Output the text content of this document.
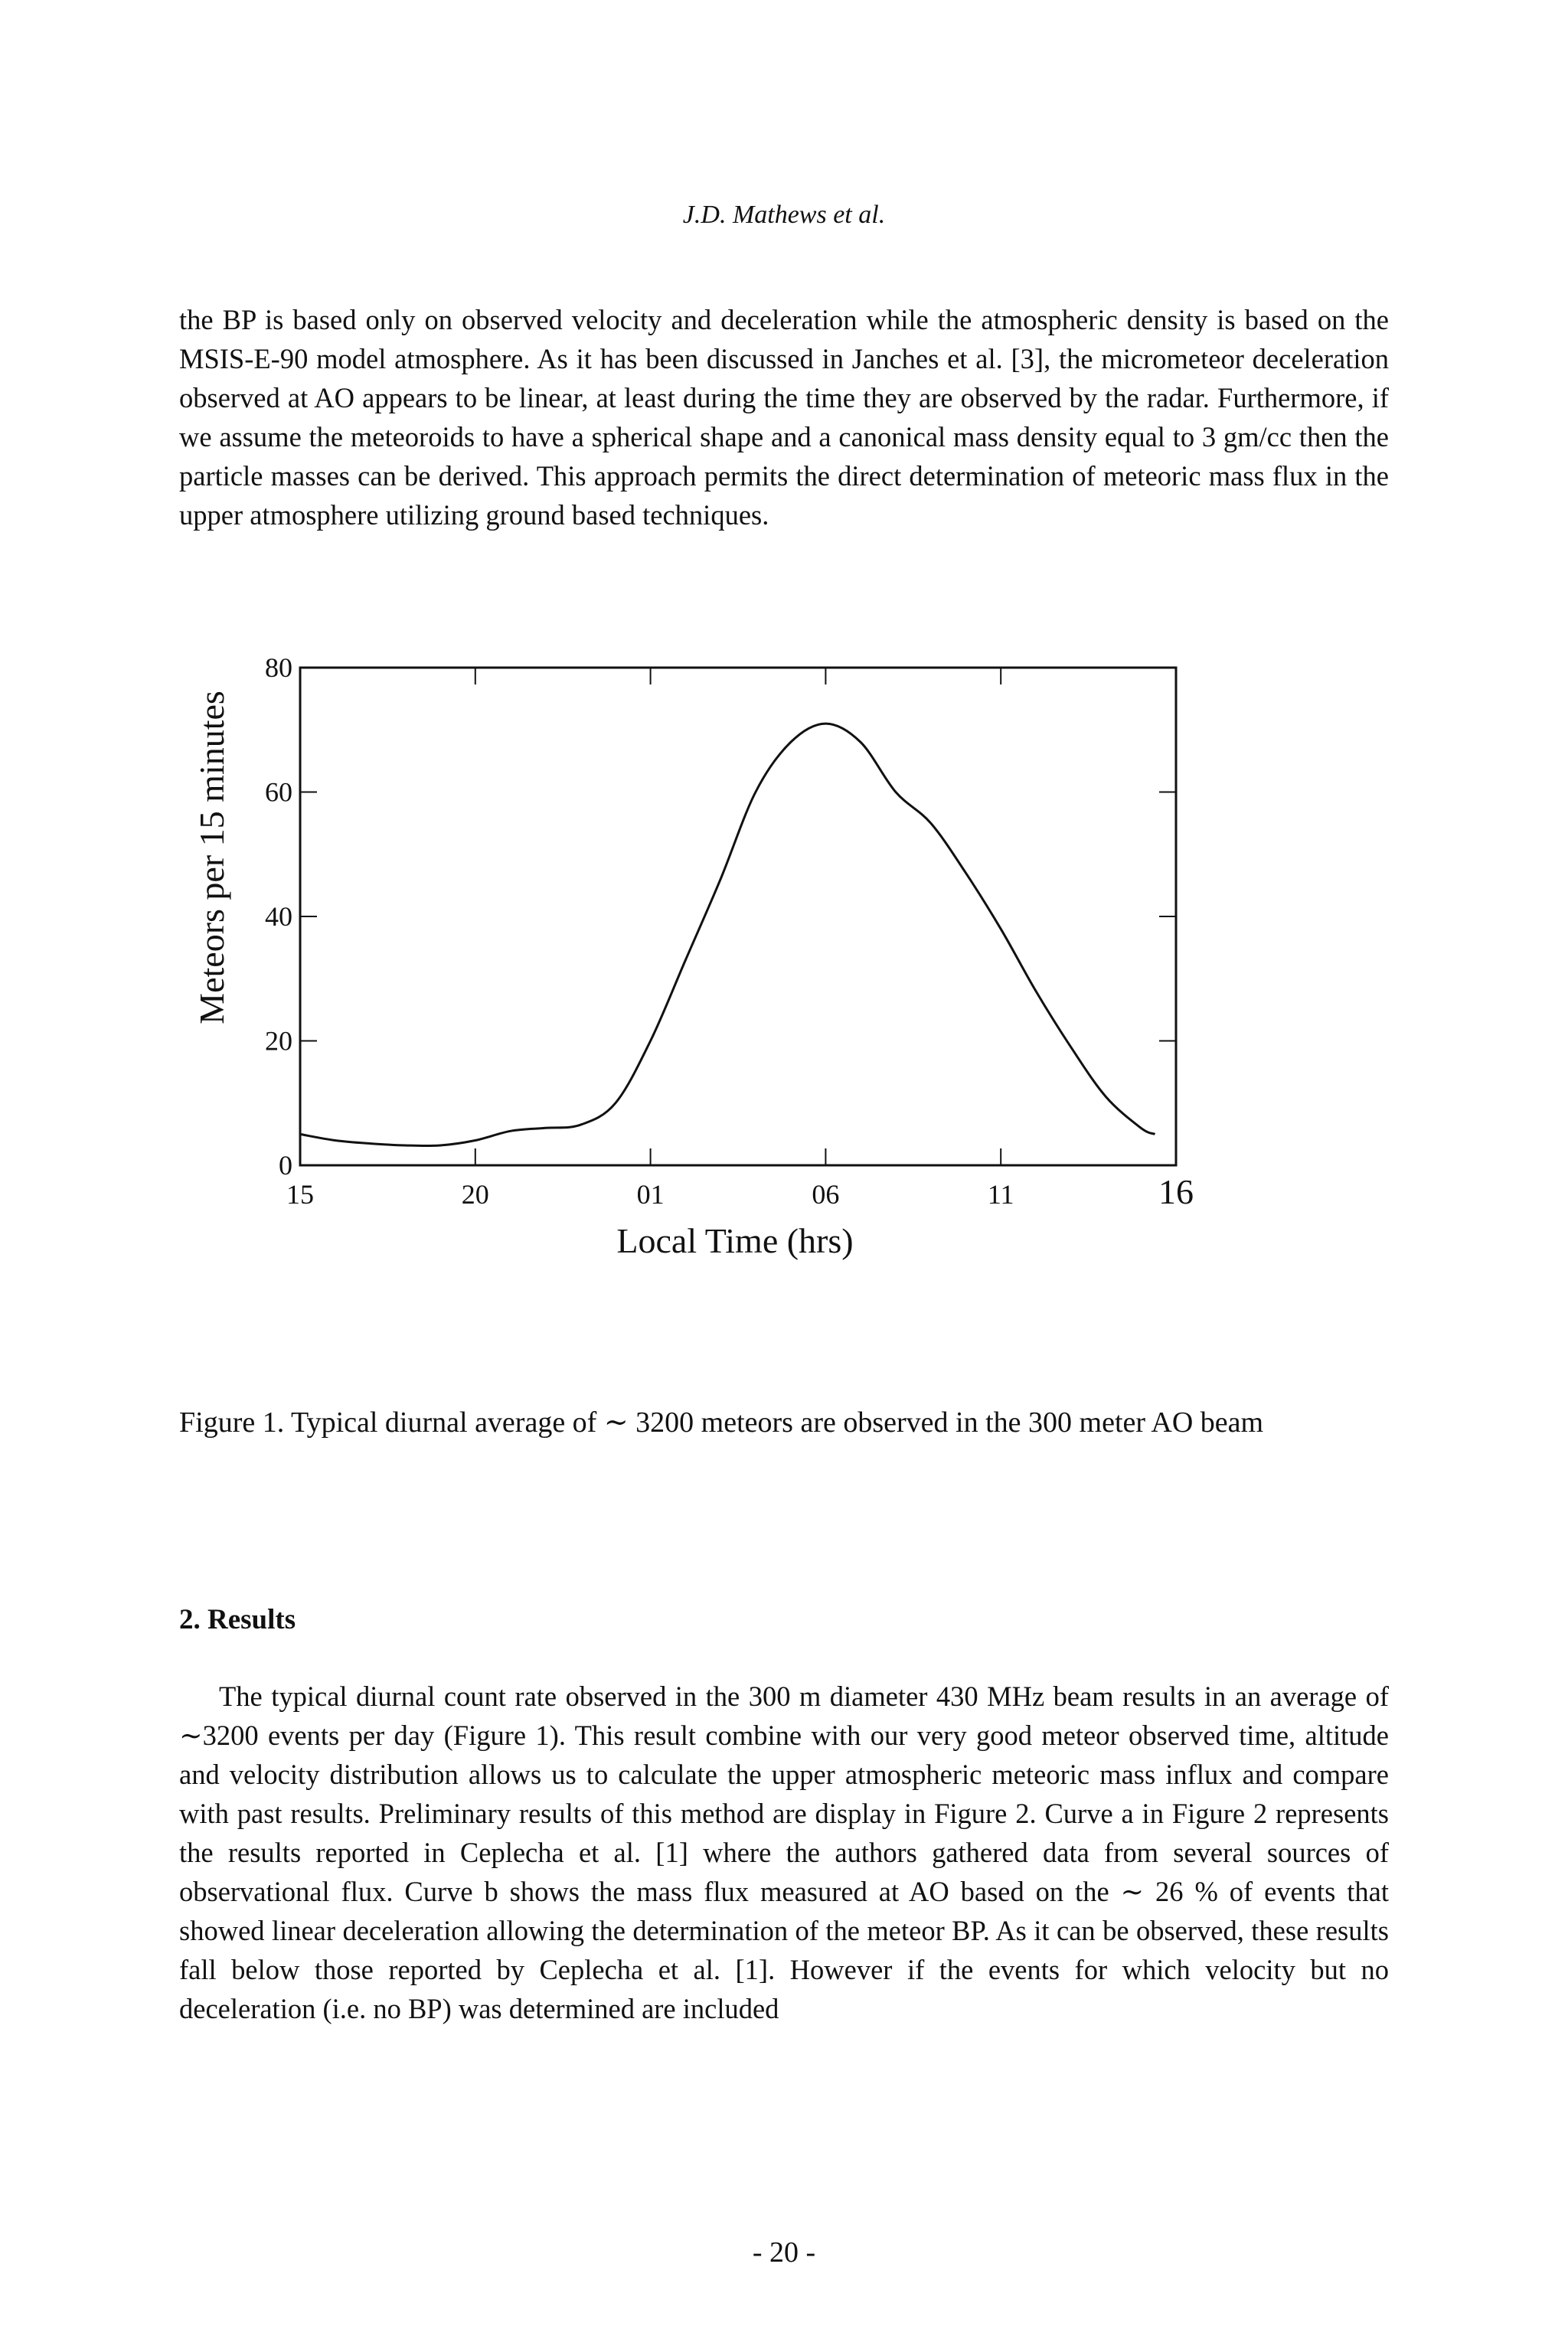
J.D. Mathews et al.

the BP is based only on observed velocity and deceleration while the atmospheric density is based on the MSIS-E-90 model atmosphere. As it has been discussed in Janches et al. [3], the micrometeor deceleration observed at AO appears to be linear, at least during the time they are observed by the radar. Furthermore, if we assume the meteoroids to have a spherical shape and a canonical mass density equal to 3 gm/cc then the particle masses can be derived. This approach permits the direct determination of meteoric mass flux in the upper atmosphere utilizing ground based techniques.

15	20	01	06	11	16
0
20
40
60
80
Local Time (hrs)
Meteors per 15 minutes

Figure 1. Typical diurnal average of ∼ 3200 meteors are observed in the 300 meter AO beam

2. Results

The typical diurnal count rate observed in the 300 m diameter 430 MHz beam results in an average of ∼3200 events per day (Figure 1). This result combine with our very good meteor observed time, altitude and velocity distribution allows us to calculate the upper atmospheric meteoric mass influx and compare with past results. Preliminary results of this method are display in Figure 2. Curve a in Figure 2 represents the results reported in Ceplecha et al. [1] where the authors gathered data from several sources of observational flux. Curve b shows the mass flux measured at AO based on the ∼ 26 % of events that showed linear deceleration allowing the determination of the meteor BP. As it can be observed, these results fall below those reported by Ceplecha et al. [1]. However if the events for which velocity but no deceleration (i.e. no BP) was determined are included

- 20 -
